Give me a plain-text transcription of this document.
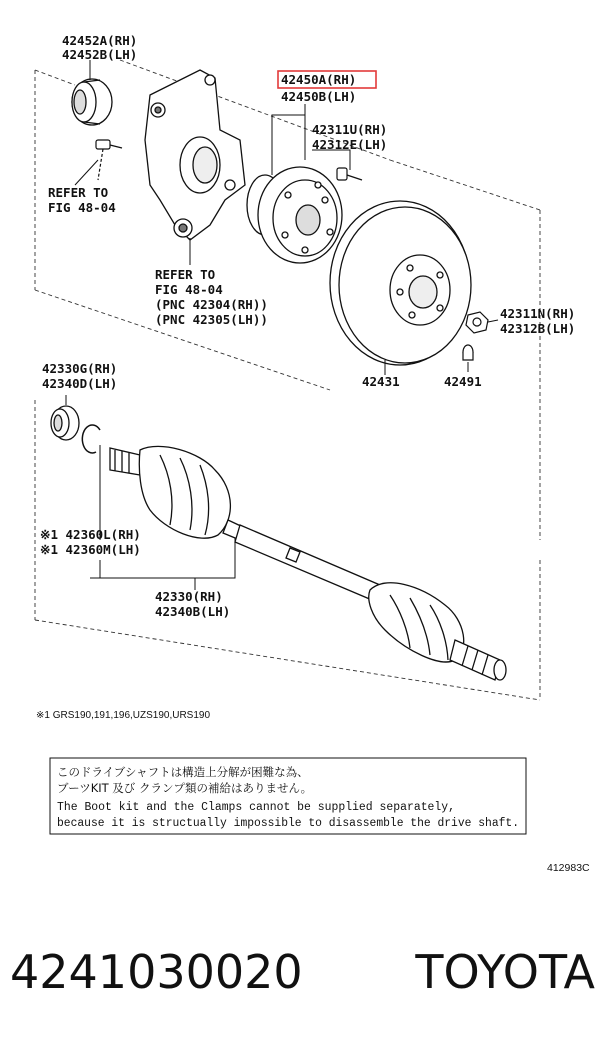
42452A(RH)
42452B(LH)
42450A(RH)
42450B(LH)
42311U(RH)
42312E(LH)
REFER TO
FIG 48-04
REFER TO
FIG 48-04
(PNC 42304(RH))
(PNC 42305(LH))	42311N(RH)
42312B(LH)
42431	42491
42330G(RH)
42340D(LH)
※1 42360L(RH)
※1 42360M(LH)
42330(RH)
42340B(LH)
※1 GRS190,191,196,UZS190,URS190
このドライブシャフトは構造上分解が困難な為、
ブーツKIT 及び クランプ類の補給はありません。
The Boot kit and the Clamps cannot be supplied separately,
because it is structually impossible to disassemble the drive shaft.
412983C
4241030020 TOYOTA
